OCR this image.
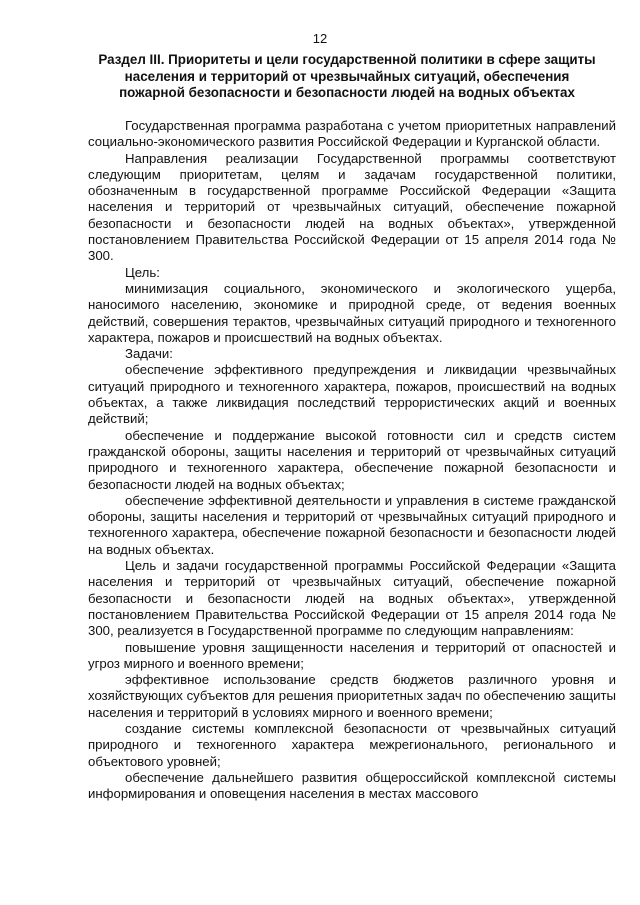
12
Раздел III. Приоритеты и цели государственной политики в сфере защиты
населения и территорий от чрезвычайных ситуаций, обеспечения
пожарной безопасности и безопасности людей на водных объектах

Государственная программа разработана с учетом приоритетных направлений социально-экономического развития Российской Федерации и Курганской области.

Направления реализации Государственной программы соответствуют следующим приоритетам, целям и задачам государственной политики, обозначенным в государственной программе Российской Федерации «Защита населения и территорий от чрезвычайных ситуаций, обеспечение пожарной безопасности и безопасности людей на водных объектах», утвержденной постановлением Правительства Российской Федерации от 15 апреля 2014 года № 300.

Цель:

минимизация социального, экономического и экологического ущерба, наносимого населению, экономике и природной среде, от ведения военных действий, совершения терактов, чрезвычайных ситуаций природного и техногенного характера, пожаров и происшествий на водных объектах.

Задачи:

обеспечение эффективного предупреждения и ликвидации чрезвычайных ситуаций природного и техногенного характера, пожаров, происшествий на водных объектах, а также ликвидация последствий террористических акций и военных действий;

обеспечение и поддержание высокой готовности сил и средств систем гражданской обороны, защиты населения и территорий от чрезвычайных ситуаций природного и техногенного характера, обеспечение пожарной безопасности и безопасности людей на водных объектах;

обеспечение эффективной деятельности и управления в системе гражданской обороны, защиты населения и территорий от чрезвычайных ситуаций природного и техногенного характера, обеспечение пожарной безопасности и безопасности людей на водных объектах.

Цель и задачи государственной программы Российской Федерации «Защита населения и территорий от чрезвычайных ситуаций, обеспечение пожарной безопасности и безопасности людей на водных объектах», утвержденной постановлением Правительства Российской Федерации от 15 апреля 2014 года № 300, реализуется в Государственной программе по следующим направлениям:

повышение уровня защищенности населения и территорий от опасностей и угроз мирного и военного времени;

эффективное использование средств бюджетов различного уровня и хозяйствующих субъектов для решения приоритетных задач по обеспечению защиты населения и территорий в условиях мирного и военного времени;

создание системы комплексной безопасности от чрезвычайных ситуаций природного и техногенного характера межрегионального, регионального и объектового уровней;

обеспечение дальнейшего развития общероссийской комплексной системы информирования и оповещения населения в местах массового
